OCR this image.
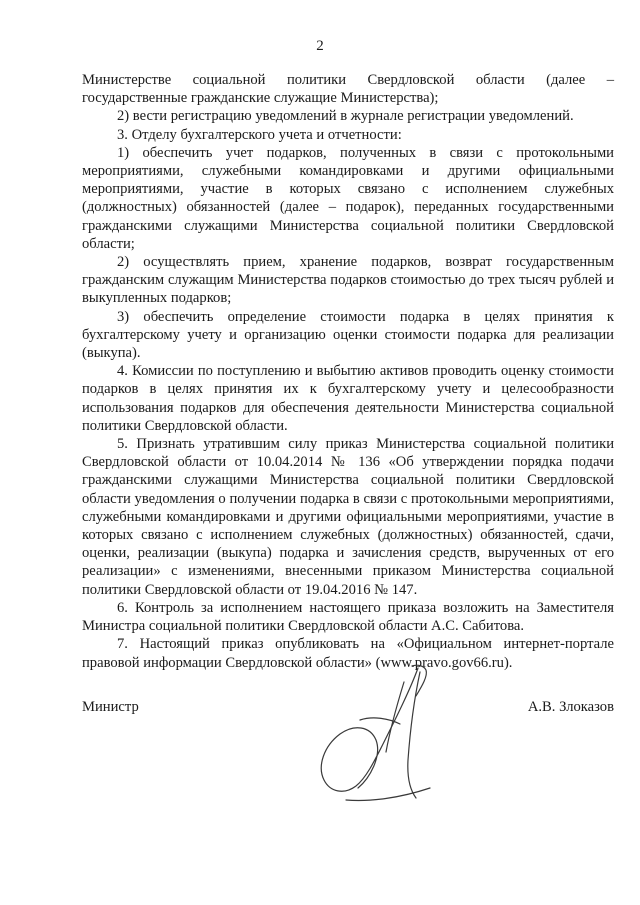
2

Министерстве социальной политики Свердловской области (далее – государственные гражданские служащие Министерства);

2) вести регистрацию уведомлений в журнале регистрации уведомлений.

3. Отделу бухгалтерского учета и отчетности:

1) обеспечить учет подарков, полученных в связи с протокольными мероприятиями, служебными командировками и другими официальными мероприятиями, участие в которых связано с исполнением служебных (должностных) обязанностей (далее – подарок), переданных государственными гражданскими служащими Министерства социальной политики Свердловской области;

2) осуществлять прием, хранение подарков, возврат государственным гражданским служащим Министерства подарков стоимостью до трех тысяч рублей и выкупленных подарков;

3) обеспечить определение стоимости подарка в целях принятия к бухгалтерскому учету и организацию оценки стоимости подарка для реализации (выкупа).

4. Комиссии по поступлению и выбытию активов проводить оценку стоимости подарков в целях принятия их к бухгалтерскому учету и целесообразности использования подарков для обеспечения деятельности Министерства социальной политики Свердловской области.

5. Признать утратившим силу приказ Министерства социальной политики Свердловской области от 10.04.2014 № 136 «Об утверждении порядка подачи гражданскими служащими Министерства социальной политики Свердловской области уведомления о получении подарка в связи с протокольными мероприятиями, служебными командировками и другими официальными мероприятиями, участие в которых связано с исполнением служебных (должностных) обязанностей, сдачи, оценки, реализации (выкупа) подарка и зачисления средств, вырученных от его реализации» с изменениями, внесенными приказом Министерства социальной политики Свердловской области от 19.04.2016 № 147.

6. Контроль за исполнением настоящего приказа возложить на Заместителя Министра социальной политики Свердловской области А.С. Сабитова.

7. Настоящий приказ опубликовать на «Официальном интернет-портале правовой информации Свердловской области» (www.pravo.gov66.ru).

Министр	А.В. Злоказов
